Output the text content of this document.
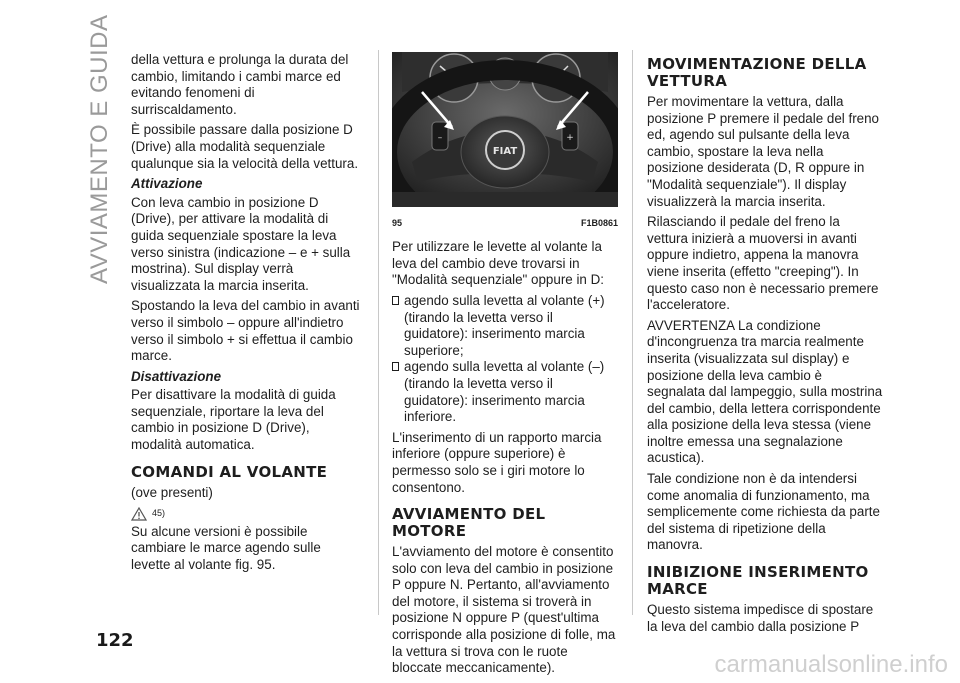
AVVIAMENTO E GUIDA
122

della vettura e prolunga la durata del cambio, limitando i cambi marce ed evitando fenomeni di surriscaldamento.

È possibile passare dalla posizione D (Drive) alla modalità sequenziale qualunque sia la velocità della vettura.

Attivazione

Con leva cambio in posizione D (Drive), per attivare la modalità di guida sequenziale spostare la leva verso sinistra (indicazione – e + sulla mostrina). Sul display verrà visualizzata la marcia inserita.

Spostando la leva del cambio in avanti verso il simbolo – oppure all'indietro verso il simbolo + si effettua il cambio marce.

Disattivazione

Per disattivare la modalità di guida sequenziale, riportare la leva del cambio in posizione D (Drive), modalità automatica.

COMANDI AL VOLANTE

(ove presenti)

45)

Su alcune versioni è possibile cambiare le marce agendo sulle levette al volante fig. 95.

FIAT
–	+
95	F1B0861

Per utilizzare le levette al volante la leva del cambio deve trovarsi in "Modalità sequenziale" oppure in D:

agendo sulla levetta al volante (+) (tirando la levetta verso il guidatore): inserimento marcia superiore;
agendo sulla levetta al volante (–) (tirando la levetta verso il guidatore): inserimento marcia inferiore.

L'inserimento di un rapporto marcia inferiore (oppure superiore) è permesso solo se i giri motore lo consentono.

AVVIAMENTO DEL MOTORE

L'avviamento del motore è consentito solo con leva del cambio in posizione P oppure N. Pertanto, all'avviamento del motore, il sistema si troverà in posizione N oppure P (quest'ultima corrisponde alla posizione di folle, ma la vettura si trova con le ruote bloccate meccanicamente).

MOVIMENTAZIONE DELLA VETTURA

Per movimentare la vettura, dalla posizione P premere il pedale del freno ed, agendo sul pulsante della leva cambio, spostare la leva nella posizione desiderata (D, R oppure in "Modalità sequenziale"). Il display visualizzerà la marcia inserita.

Rilasciando il pedale del freno la vettura inizierà a muoversi in avanti oppure indietro, appena la manovra viene inserita (effetto "creeping"). In questo caso non è necessario premere l'acceleratore.

AVVERTENZA La condizione d'incongruenza tra marcia realmente inserita (visualizzata sul display) e posizione della leva cambio è segnalata dal lampeggio, sulla mostrina del cambio, della lettera corrispondente alla posizione della leva stessa (viene inoltre emessa una segnalazione acustica).

Tale condizione non è da intendersi come anomalia di funzionamento, ma semplicemente come richiesta da parte del sistema di ripetizione della manovra.

INIBIZIONE INSERIMENTO MARCE

Questo sistema impedisce di spostare la leva del cambio dalla posizione P

carmanualsonline.info
